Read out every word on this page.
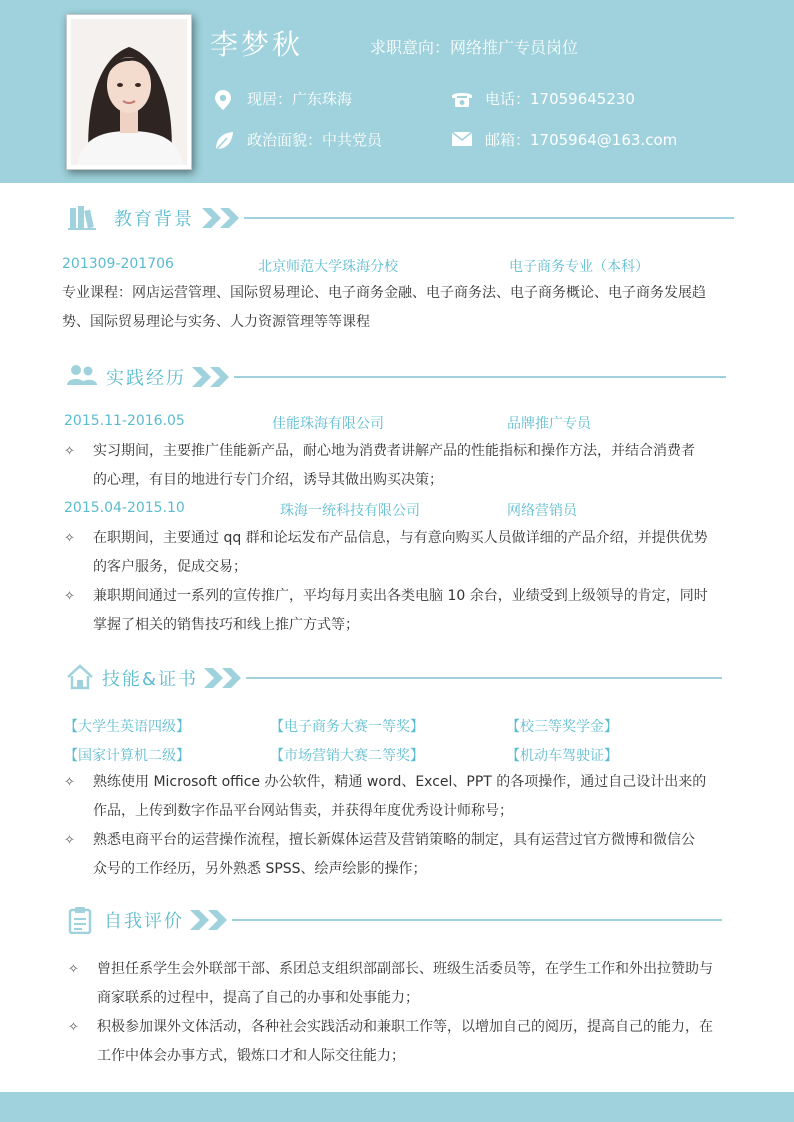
李梦秋	求职意向：网络推广专员岗位
现居：广东珠海
政治面貌：中共党员
电话：17059645230
邮箱：1705964@163.com
教育背景
201309-201706	北京师范大学珠海分校	电子商务专业（本科）
专业课程：网店运营管理、国际贸易理论、电子商务金融、电子商务法、电子商务概论、电子商务发展趋
势、国际贸易理论与实务、人力资源管理等等课程
实践经历
2015.11-2016.05	佳能珠海有限公司	品牌推广专员
✧ 实习期间，主要推广佳能新产品，耐心地为消费者讲解产品的性能指标和操作方法，并结合消费者
的心理，有目的地进行专门介绍，诱导其做出购买决策；
2015.04-2015.10	珠海一统科技有限公司	网络营销员
✧ 在职期间，主要通过 qq 群和论坛发布产品信息，与有意向购买人员做详细的产品介绍，并提供优势
的客户服务，促成交易；
✧ 兼职期间通过一系列的宣传推广，平均每月卖出各类电脑 10 余台，业绩受到上级领导的肯定，同时
掌握了相关的销售技巧和线上推广方式等；
技能&证书
【大学生英语四级】	【电子商务大赛一等奖】	【校三等奖学金】
【国家计算机二级】	【市场营销大赛二等奖】	【机动车驾驶证】
✧ 熟练使用 Microsoft office 办公软件，精通 word、Excel、PPT 的各项操作，通过自己设计出来的
作品，上传到数字作品平台网站售卖，并获得年度优秀设计师称号；
✧ 熟悉电商平台的运营操作流程，擅长新媒体运营及营销策略的制定，具有运营过官方微博和微信公
众号的工作经历，另外熟悉 SPSS、绘声绘影的操作；
自我评价
✧ 曾担任系学生会外联部干部、系团总支组织部副部长、班级生活委员等，在学生工作和外出拉赞助与
商家联系的过程中，提高了自己的办事和处事能力；
✧ 积极参加课外文体活动，各种社会实践活动和兼职工作等，以增加自己的阅历，提高自己的能力，在
工作中体会办事方式，锻炼口才和人际交往能力；
